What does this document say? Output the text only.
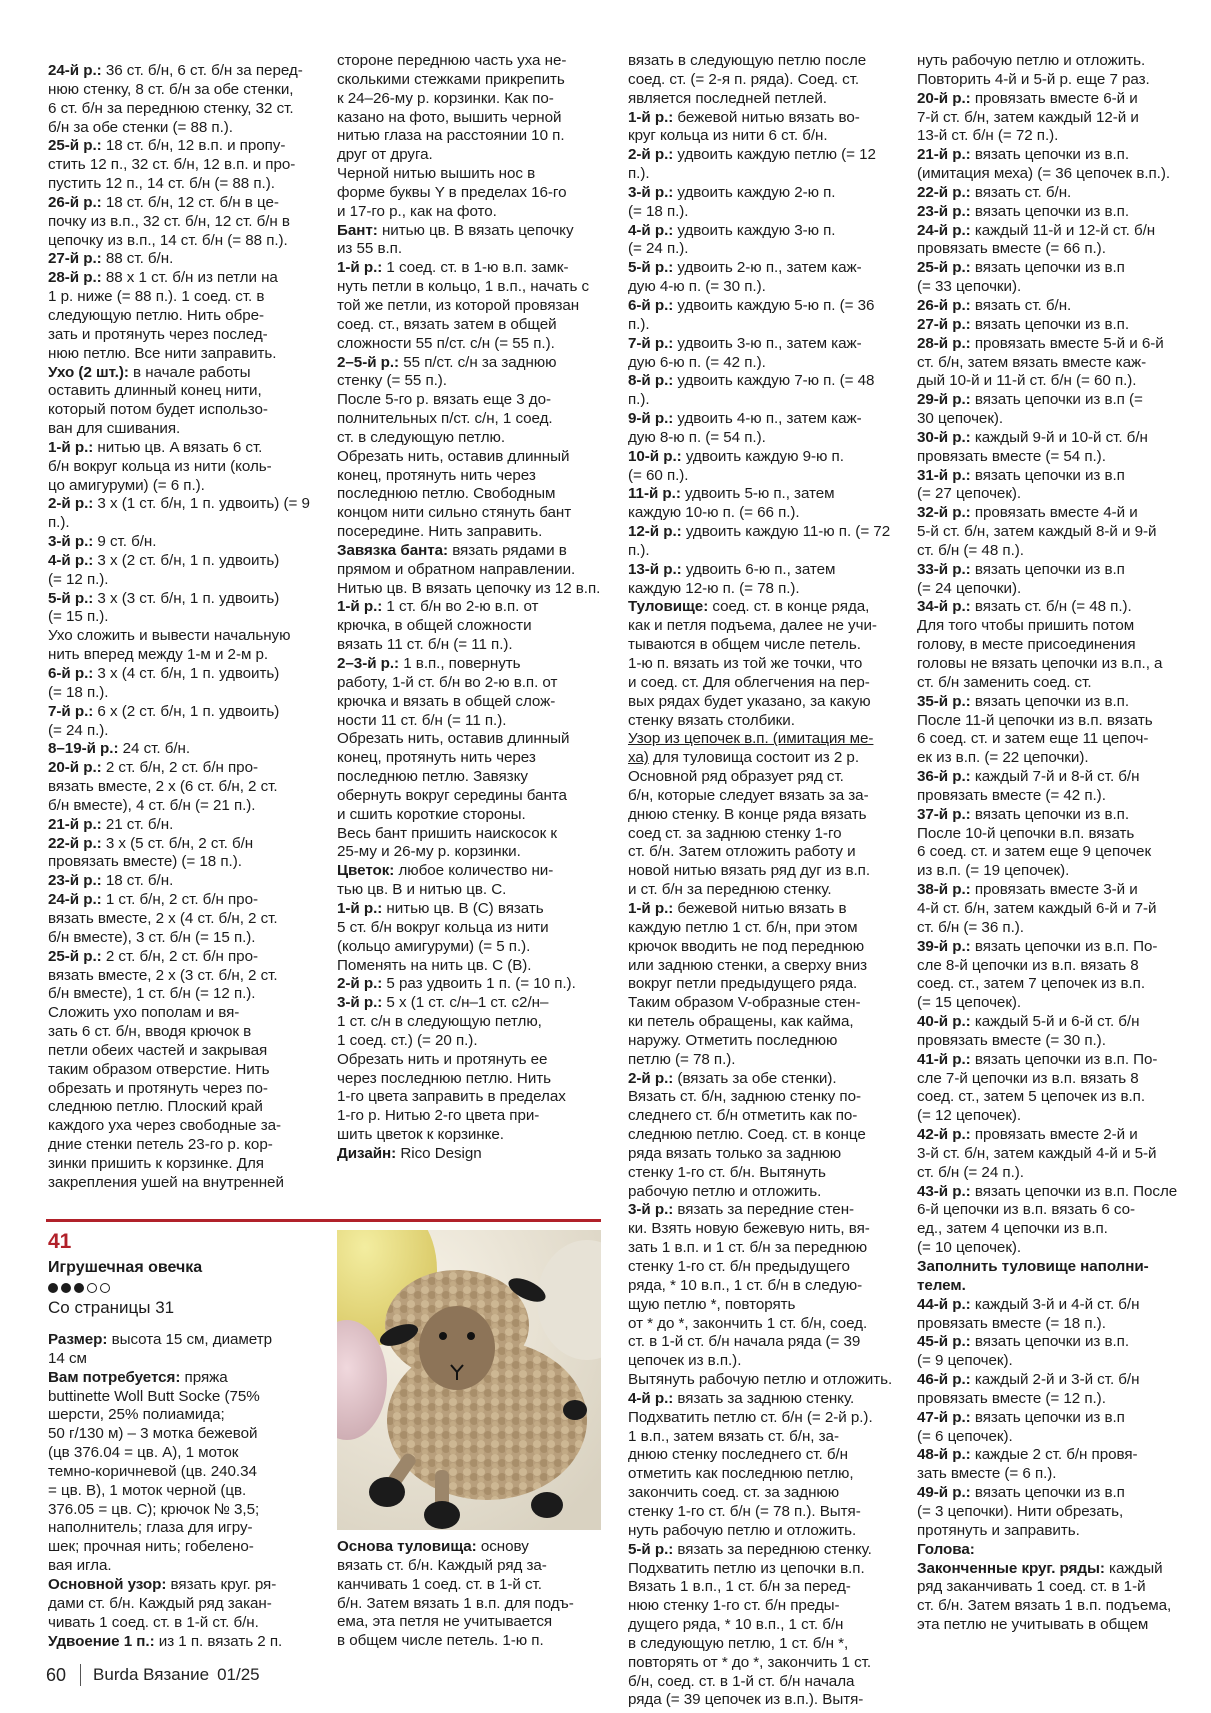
24-й р.: 36 ст. б/н, 6 ст. б/н за перед-
нюю стенку, 8 ст. б/н за обе стенки,
6 ст. б/н за переднюю стенку, 32 ст.
б/н за обе стенки (= 88 п.).
25-й р.: 18 ст. б/н, 12 в.п. и пропу-
стить 12 п., 32 ст. б/н, 12 в.п. и про-
пустить 12 п., 14 ст. б/н (= 88 п.).
26-й р.: 18 ст. б/н, 12 ст. б/н в це-
почку из в.п., 32 ст. б/н, 12 ст. б/н в
цепочку из в.п., 14 ст. б/н (= 88 п.).
27-й р.: 88 ст. б/н.
28-й р.: 88 x 1 ст. б/н из петли на
1 р. ниже (= 88 п.). 1 соед. ст. в
следующую петлю. Нить обре-
зать и протянуть через послед-
нюю петлю. Все нити заправить.
Ухо (2 шт.): в начале работы
оставить длинный конец нити,
который потом будет использо-
ван для сшивания.
1-й р.: нитью цв. A вязать 6 ст.
б/н вокруг кольца из нити (коль-
цо амигуруми) (= 6 п.).
2-й р.: 3 x (1 ст. б/н, 1 п. удвоить) (= 9 п.).
3-й р.: 9 ст. б/н.
4-й р.: 3 x (2 ст. б/н, 1 п. удвоить)
(= 12 п.).
5-й р.: 3 x (3 ст. б/н, 1 п. удвоить)
(= 15 п.).
Ухо сложить и вывести начальную
нить вперед между 1-м и 2-м р.
6-й р.: 3 x (4 ст. б/н, 1 п. удвоить)
(= 18 п.).
7-й р.: 6 x (2 ст. б/н, 1 п. удвоить)
(= 24 п.).
8–19-й р.: 24 ст. б/н.
20-й р.: 2 ст. б/н, 2 ст. б/н про-
вязать вместе, 2 x (6 ст. б/н, 2 ст.
б/н вместе), 4 ст. б/н (= 21 п.).
21-й р.: 21 ст. б/н.
22-й р.: 3 x (5 ст. б/н, 2 ст. б/н
провязать вместе) (= 18 п.).
23-й р.: 18 ст. б/н.
24-й р.: 1 ст. б/н, 2 ст. б/н про-
вязать вместе, 2 x (4 ст. б/н, 2 ст.
б/н вместе), 3 ст. б/н (= 15 п.).
25-й р.: 2 ст. б/н, 2 ст. б/н про-
вязать вместе, 2 x (3 ст. б/н, 2 ст.
б/н вместе), 1 ст. б/н (= 12 п.).
Сложить ухо пополам и вя-
зать 6 ст. б/н, вводя крючок в
петли обеих частей и закрывая
таким образом отверстие. Нить
обрезать и протянуть через по-
следнюю петлю. Плоский край
каждого уха через свободные за-
дние стенки петель 23-го р. кор-
зинки пришить к корзинке. Для
закрепления ушей на внутренней
стороне переднюю часть уха не-
сколькими стежками прикрепить
к 24–26-му р. корзинки. Как по-
казано на фото, вышить черной
нитью глаза на расстоянии 10 п.
друг от друга.
Черной нитью вышить нос в
форме буквы Y в пределах 16-го
и 17-го р., как на фото.
Бант: нитью цв. B вязать цепочку
из 55 в.п.
1-й р.: 1 соед. ст. в 1-ю в.п. замк-
нуть петли в кольцо, 1 в.п., начать с
той же петли, из которой провязан
соед. ст., вязать затем в общей
сложности 55 п/ст. с/н (= 55 п.).
2–5-й р.: 55 п/ст. с/н за заднюю
стенку (= 55 п.).
После 5-го р. вязать еще 3 до-
полнительных п/ст. с/н, 1 соед.
ст. в следующую петлю.
Обрезать нить, оставив длинный
конец, протянуть нить через
последнюю петлю. Свободным
концом нити сильно стянуть бант
посередине. Нить заправить.
Завязка банта: вязать рядами в
прямом и обратном направлении.
Нитью цв. B вязать цепочку из 12 в.п.
1-й р.: 1 ст. б/н во 2-ю в.п. от
крючка, в общей сложности
вязать 11 ст. б/н (= 11 п.).
2–3-й р.: 1 в.п., повернуть
работу, 1-й ст. б/н во 2-ю в.п. от
крючка и вязать в общей слож-
ности 11 ст. б/н (= 11 п.).
Обрезать нить, оставив длинный
конец, протянуть нить через
последнюю петлю. Завязку
обернуть вокруг середины банта
и сшить короткие стороны.
Весь бант пришить наискосок к
25-му и 26-му р. корзинки.
Цветок: любое количество ни-
тью цв. B и нитью цв. C.
1-й р.: нитью цв. B (C) вязать
5 ст. б/н вокруг кольца из нити
(кольцо амигуруми) (= 5 п.).
Поменять на нить цв. C (B).
2-й р.: 5 раз удвоить 1 п. (= 10 п.).
3-й р.: 5 x (1 ст. с/н–1 ст. с2/н–
1 ст. с/н в следующую петлю,
1 соед. ст.) (= 20 п.).
Обрезать нить и протянуть ее
через последнюю петлю. Нить
1-го цвета заправить в пределах
1-го р. Нитью 2-го цвета при-
шить цветок к корзинке.
Дизайн: Rico Design
вязать в следующую петлю после
соед. ст. (= 2-я п. ряда). Соед. ст.
является последней петлей.
1-й р.: бежевой нитью вязать во-
круг кольца из нити 6 ст. б/н.
2-й р.: удвоить каждую петлю (= 12 п.).
3-й р.: удвоить каждую 2-ю п.
(= 18 п.).
4-й р.: удвоить каждую 3-ю п.
(= 24 п.).
5-й р.: удвоить 2-ю п., затем каж-
дую 4-ю п. (= 30 п.).
6-й р.: удвоить каждую 5-ю п. (= 36 п.).
7-й р.: удвоить 3-ю п., затем каж-
дую 6-ю п. (= 42 п.).
8-й р.: удвоить каждую 7-ю п. (= 48 п.).
9-й р.: удвоить 4-ю п., затем каж-
дую 8-ю п. (= 54 п.).
10-й р.: удвоить каждую 9-ю п.
(= 60 п.).
11-й р.: удвоить 5-ю п., затем
каждую 10-ю п. (= 66 п.).
12-й р.: удвоить каждую 11-ю п. (= 72 п.).
13-й р.: удвоить 6-ю п., затем
каждую 12-ю п. (= 78 п.).
Туловище: соед. ст. в конце ряда,
как и петля подъема, далее не учи-
тываются в общем числе петель.
1-ю п. вязать из той же точки, что
и соед. ст. Для облегчения на пер-
вых рядах будет указано, за какую
стенку вязать столбики.
Узор из цепочек в.п. (имитация ме-
ха) для туловища состоит из 2 р.
Основной ряд образует ряд ст.
б/н, которые следует вязать за за-
днюю стенку. В конце ряда вязать
соед ст. за заднюю стенку 1-го
ст. б/н. Затем отложить работу и
новой нитью вязать ряд дуг из в.п.
и ст. б/н за переднюю стенку.
1-й р.: бежевой нитью вязать в
каждую петлю 1 ст. б/н, при этом
крючок вводить не под переднюю
или заднюю стенки, а сверху вниз
вокруг петли предыдущего ряда.
Таким образом V-образные стен-
ки петель обращены, как кайма,
наружу. Отметить последнюю
петлю (= 78 п.).
2-й р.: (вязать за обе стенки).
Вязать ст. б/н, заднюю стенку по-
следнего ст. б/н отметить как по-
следнюю петлю. Соед. ст. в конце
ряда вязать только за заднюю
стенку 1-го ст. б/н. Вытянуть
рабочую петлю и отложить.
3-й р.: вязать за передние стен-
ки. Взять новую бежевую нить, вя-
зать 1 в.п. и 1 ст. б/н за переднюю
стенку 1-го ст. б/н предыдущего
ряда, * 10 в.п., 1 ст. б/н в следую-
щую петлю *, повторять
от * до *, закончить 1 ст. б/н, соед.
ст. в 1-й ст. б/н начала ряда (= 39
цепочек из в.п.).
Вытянуть рабочую петлю и отложить.
4-й р.: вязать за заднюю стенку.
Подхватить петлю ст. б/н (= 2-й р.).
1 в.п., затем вязать ст. б/н, за-
днюю стенку последнего ст. б/н
отметить как последнюю петлю,
закончить соед. ст. за заднюю
стенку 1-го ст. б/н (= 78 п.). Вытя-
нуть рабочую петлю и отложить.
5-й р.: вязать за переднюю стенку.
Подхватить петлю из цепочки в.п.
Вязать 1 в.п., 1 ст. б/н за перед-
нюю стенку 1-го ст. б/н преды-
дущего ряда, * 10 в.п., 1 ст. б/н
в следующую петлю, 1 ст. б/н *,
повторять от * до *, закончить 1 ст.
б/н, соед. ст. в 1-й ст. б/н начала
ряда (= 39 цепочек из в.п.). Вытя-
нуть рабочую петлю и отложить.
Повторить 4-й и 5-й р. еще 7 раз.
20-й р.: провязать вместе 6-й и
7-й ст. б/н, затем каждый 12-й и
13-й ст. б/н (= 72 п.).
21-й р.: вязать цепочки из в.п.
(имитация меха) (= 36 цепочек в.п.).
22-й р.: вязать ст. б/н.
23-й р.: вязать цепочки из в.п.
24-й р.: каждый 11-й и 12-й ст. б/н
провязать вместе (= 66 п.).
25-й р.: вязать цепочки из в.п
(= 33 цепочки).
26-й р.: вязать ст. б/н.
27-й р.: вязать цепочки из в.п.
28-й р.: провязать вместе 5-й и 6-й
ст. б/н, затем вязать вместе каж-
дый 10-й и 11-й ст. б/н (= 60 п.).
29-й р.: вязать цепочки из в.п (=
30 цепочек).
30-й р.: каждый 9-й и 10-й ст. б/н
провязать вместе (= 54 п.).
31-й р.: вязать цепочки из в.п
(= 27 цепочек).
32-й р.: провязать вместе 4-й и
5-й ст. б/н, затем каждый 8-й и 9-й
ст. б/н (= 48 п.).
33-й р.: вязать цепочки из в.п
(= 24 цепочки).
34-й р.: вязать ст. б/н (= 48 п.).
Для того чтобы пришить потом
голову, в месте присоединения
головы не вязать цепочки из в.п., а
ст. б/н заменить соед. ст.
35-й р.: вязать цепочки из в.п.
После 11-й цепочки из в.п. вязать
6 соед. ст. и затем еще 11 цепоч-
ек из в.п. (= 22 цепочки).
36-й р.: каждый 7-й и 8-й ст. б/н
провязать вместе (= 42 п.).
37-й р.: вязать цепочки из в.п.
После 10-й цепочки в.п. вязать
6 соед. ст. и затем еще 9 цепочек
из в.п. (= 19 цепочек).
38-й р.: провязать вместе 3-й и
4-й ст. б/н, затем каждый 6-й и 7-й
ст. б/н (= 36 п.).
39-й р.: вязать цепочки из в.п. По-
сле 8-й цепочки из в.п. вязать 8
соед. ст., затем 7 цепочек из в.п.
(= 15 цепочек).
40-й р.: каждый 5-й и 6-й ст. б/н
провязать вместе (= 30 п.).
41-й р.: вязать цепочки из в.п. По-
сле 7-й цепочки из в.п. вязать 8
соед. ст., затем 5 цепочек из в.п.
(= 12 цепочек).
42-й р.: провязать вместе 2-й и
3-й ст. б/н, затем каждый 4-й и 5-й
ст. б/н (= 24 п.).
43-й р.: вязать цепочки из в.п. После
6-й цепочки из в.п. вязать 6 со-
ед., затем 4 цепочки из в.п.
(= 10 цепочек).
Заполнить туловище наполни-
телем.
44-й р.: каждый 3-й и 4-й ст. б/н
провязать вместе (= 18 п.).
45-й р.: вязать цепочки из в.п.
(= 9 цепочек).
46-й р.: каждый 2-й и 3-й ст. б/н
провязать вместе (= 12 п.).
47-й р.: вязать цепочки из в.п
(= 6 цепочек).
48-й р.: каждые 2 ст. б/н провя-
зать вместе (= 6 п.).
49-й р.: вязать цепочки из в.п
(= 3 цепочки). Нити обрезать,
протянуть и заправить.
Голова:
Законченные круг. ряды: каждый
ряд заканчивать 1 соед. ст. в 1-й
ст. б/н. Затем вязать 1 в.п. подъема,
эта петлю не учитывать в общем
41
Игрушечная овечка
Со страницы 31
Размер: высота 15 см, диаметр
14 см
Вам потребуется: пряжа
buttinette Woll Butt Socke (75%
шерсти, 25% полиамида;
50 г/130 м) – 3 мотка бежевой
(цв 376.04 = цв. A), 1 моток
темно-коричневой (цв. 240.34
= цв. B), 1 моток черной (цв.
376.05 = цв. C); крючок № 3,5;
наполнитель; глаза для игру-
шек; прочная нить; гобелено-
вая игла.
Основной узор: вязать круг. ря-
дами ст. б/н. Каждый ряд закан-
чивать 1 соед. ст. в 1-й ст. б/н.
Удвоение 1 п.: из 1 п. вязать 2 п.
Основа туловища: основу
вязать ст. б/н. Каждый ряд за-
канчивать 1 соед. ст. в 1-й ст.
б/н. Затем вязать 1 в.п. для подъ-
ема, эта петля не учитывается
в общем числе петель. 1-ю п.
60 Burda Вязание 01/25
